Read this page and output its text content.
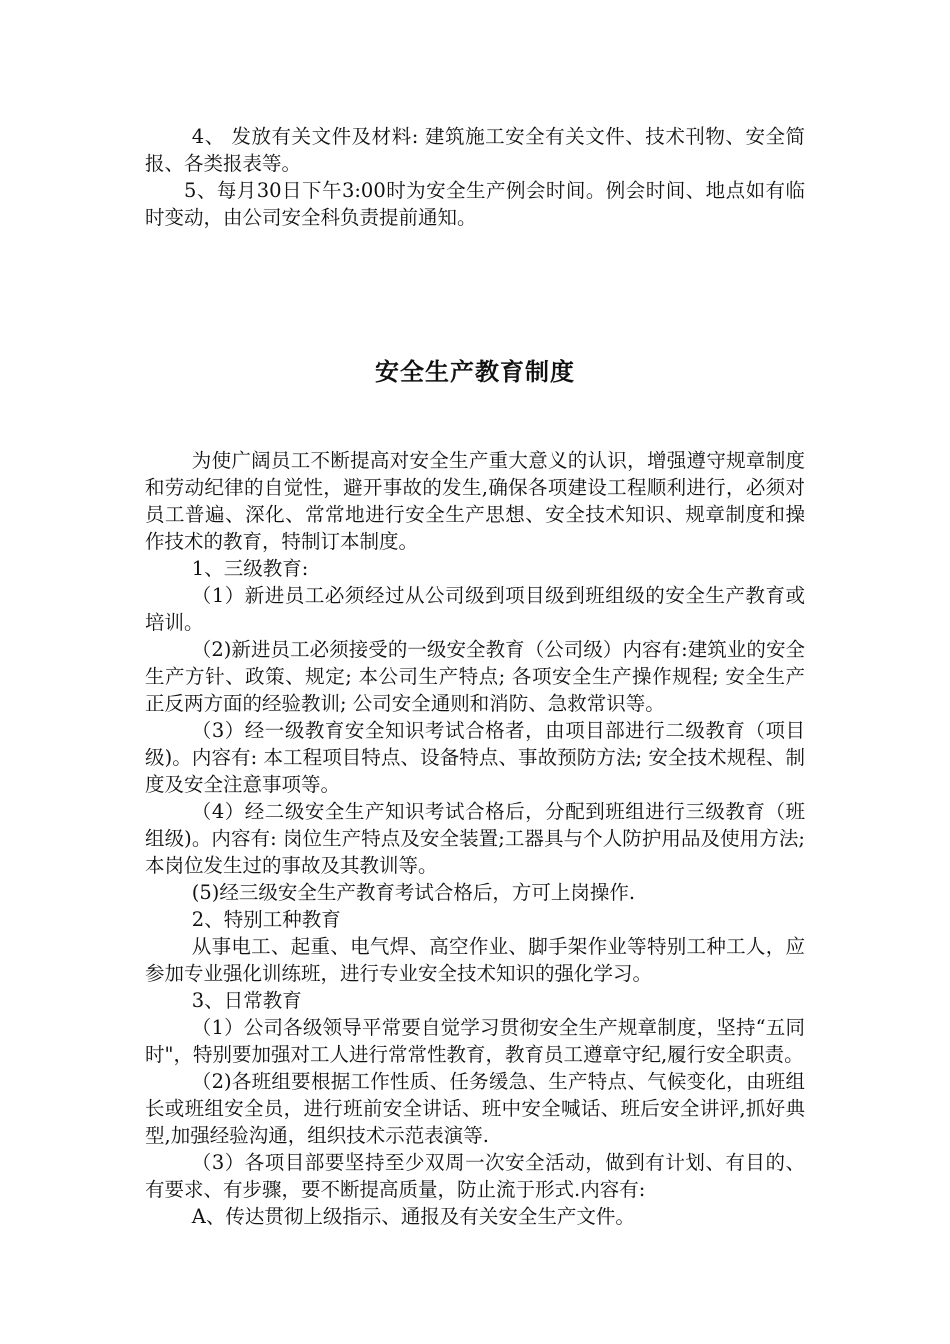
4、 发放有关文件及材料: 建筑施工安全有关文件、技术刊物、安全简报、各类报表等。

5、每月30日下午3:00时为安全生产例会时间。例会时间、地点如有临时变动，由公司安全科负责提前通知。

安全生产教育制度

为使广阔员工不断提高对安全生产重大意义的认识，增强遵守规章制度和劳动纪律的自觉性，避开事故的发生,确保各项建设工程顺利进行，必须对员工普遍、深化、常常地进行安全生产思想、安全技术知识、规章制度和操作技术的教育，特制订本制度。

1、三级教育:

（1）新进员工必须经过从公司级到项目级到班组级的安全生产教育或培训。

（2)新进员工必须接受的一级安全教育（公司级）内容有:建筑业的安全生产方针、政策、规定; 本公司生产特点; 各项安全生产操作规程; 安全生产正反两方面的经验教训; 公司安全通则和消防、急救常识等。

（3）经一级教育安全知识考试合格者，由项目部进行二级教育（项目级)。内容有: 本工程项目特点、设备特点、事故预防方法; 安全技术规程、制度及安全注意事项等。

（4）经二级安全生产知识考试合格后，分配到班组进行三级教育（班组级)。内容有: 岗位生产特点及安全装置;工器具与个人防护用品及使用方法; 本岗位发生过的事故及其教训等。

(5)经三级安全生产教育考试合格后，方可上岗操作.

2、特别工种教育

从事电工、起重、电气焊、高空作业、脚手架作业等特别工种工人，应参加专业强化训练班，进行专业安全技术知识的强化学习。

3、日常教育

（1）公司各级领导平常要自觉学习贯彻安全生产规章制度，坚持“五同时"，特别要加强对工人进行常常性教育，教育员工遵章守纪,履行安全职责。

（2)各班组要根据工作性质、任务缓急、生产特点、气候变化，由班组长或班组安全员，进行班前安全讲话、班中安全喊话、班后安全讲评,抓好典型,加强经验沟通，组织技术示范表演等.

（3）各项目部要坚持至少双周一次安全活动，做到有计划、有目的、有要求、有步骤，要不断提高质量，防止流于形式.内容有:

A、传达贯彻上级指示、通报及有关安全生产文件。
